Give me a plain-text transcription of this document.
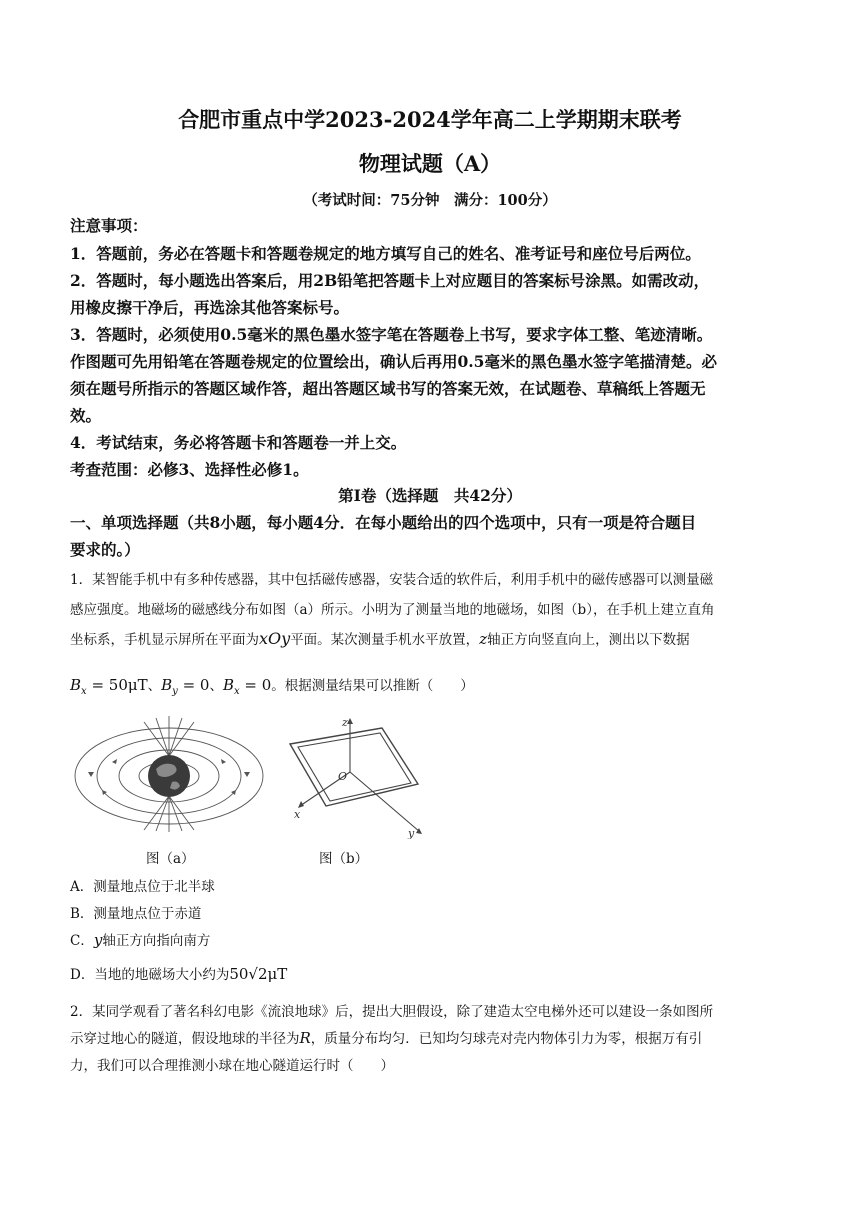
合肥市重点中学2023-2024学年高二上学期期末联考
物理试题（A）
（考试时间：75分钟　满分：100分）
注意事项：
1．答题前，务必在答题卡和答题卷规定的地方填写自己的姓名、准考证号和座位号后两位。
2．答题时，每小题选出答案后，用2B铅笔把答题卡上对应题目的答案标号涂黑。如需改动，
用橡皮擦干净后，再选涂其他答案标号。
3．答题时，必须使用0.5毫米的黑色墨水签字笔在答题卷上书写，要求字体工整、笔迹清晰。
作图题可先用铅笔在答题卷规定的位置绘出，确认后再用0.5毫米的黑色墨水签字笔描清楚。必
须在题号所指示的答题区域作答，超出答题区域书写的答案无效，在试题卷、草稿纸上答题无
效。
4．考试结束，务必将答题卡和答题卷一并上交。
考查范围：必修3、选择性必修1。
第Ⅰ卷（选择题　共42分）
一、单项选择题（共8小题，每小题4分．在每小题给出的四个选项中，只有一项是符合题目
要求的。）
1．某智能手机中有多种传感器，其中包括磁传感器，安装合适的软件后，利用手机中的磁传感器可以测量磁
感应强度。地磁场的磁感线分布如图（a）所示。小明为了测量当地的地磁场，如图（b），在手机上建立直角
坐标系，手机显示屏所在平面为xOy平面。某次测量手机水平放置，z轴正方向竖直向上，测出以下数据
$B_x = 50\mu T$、$B_y = 0$、$B_x = 0$。根据测量结果可以推断（　　）
z
O
x
y
图（a）	图（b）
A．测量地点位于北半球
B．测量地点位于赤道
C．y轴正方向指向南方
D．当地的地磁场大小约为50√2μT
2．某同学观看了著名科幻电影《流浪地球》后，提出大胆假设，除了建造太空电梯外还可以建设一条如图所
示穿过地心的隧道，假设地球的半径为R，质量分布均匀．已知均匀球壳对壳内物体引力为零，根据万有引
力，我们可以合理推测小球在地心隧道运行时（　　）
